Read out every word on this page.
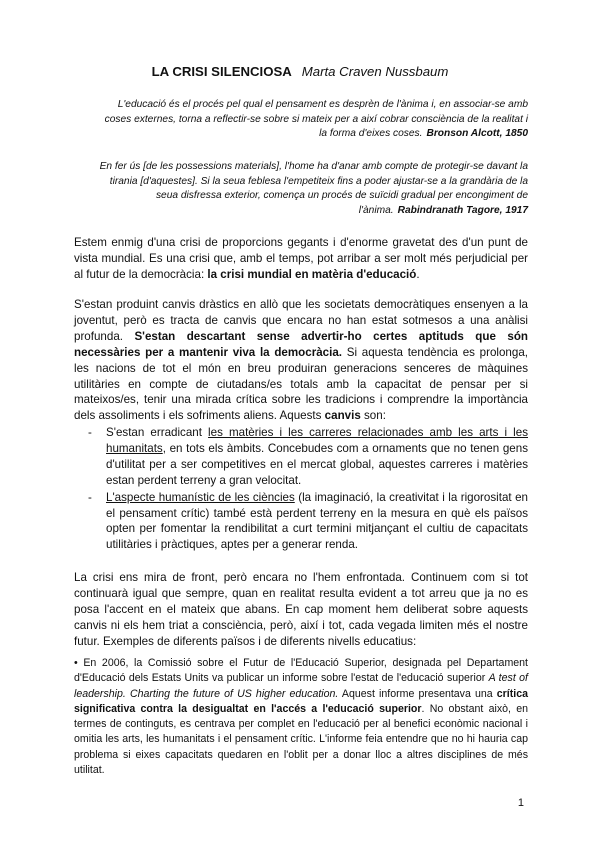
LA CRISI SILENCIOSA Marta Craven Nussbaum
L'educació és el procés pel qual el pensament es desprèn de l'ànima i, en associar-se amb coses externes, torna a reflectir-se sobre si mateix per a així cobrar consciència de la realitat i la forma d'eixes coses. Bronson Alcott, 1850
En fer ús [de les possessions materials], l'home ha d'anar amb compte de protegir-se davant la tirania [d'aquestes]. Si la seua feblesa l'empetiteix fins a poder ajustar-se a la grandària de la seua disfressa exterior, comença un procés de suïcidi gradual per encongiment de l'ànima. Rabindranath Tagore, 1917

Estem enmig d'una crisi de proporcions gegants i d'enorme gravetat des d'un punt de vista mundial. Es una crisi que, amb el temps, pot arribar a ser molt més perjudicial per al futur de la democràcia: la crisi mundial en matèria d'educació.

S'estan produint canvis dràstics en allò que les societats democràtiques ensenyen a la joventut, però es tracta de canvis que encara no han estat sotmesos a una anàlisi profunda. S'estan descartant sense advertir-ho certes aptituds que són necessàries per a mantenir viva la democràcia. Si aquesta tendència es prolonga, les nacions de tot el món en breu produiran generacions senceres de màquines utilitàries en compte de ciutadans/es totals amb la capacitat de pensar per si mateixos/es, tenir una mirada crítica sobre les tradicions i comprendre la importància dels assoliments i els sofriments aliens. Aquests canvis son:

- S'estan erradicant les matèries i les carreres relacionades amb les arts i les humanitats, en tots els àmbits. Concebudes com a ornaments que no tenen gens d'utilitat per a ser competitives en el mercat global, aquestes carreres i matèries estan perdent terreny a gran velocitat.
- L'aspecte humanístic de les ciències (la imaginació, la creativitat i la rigorositat en el pensament crític) també està perdent terreny en la mesura en què els països opten per fomentar la rendibilitat a curt termini mitjançant el cultiu de capacitats utilitàries i pràctiques, aptes per a generar renda.

La crisi ens mira de front, però encara no l'hem enfrontada. Continuem com si tot continuarà igual que sempre, quan en realitat resulta evident a tot arreu que ja no es posa l'accent en el mateix que abans. En cap moment hem deliberat sobre aquests canvis ni els hem triat a consciència, però, així i tot, cada vegada limiten més el nostre futur. Exemples de diferents països i de diferents nivells educatius:

• En 2006, la Comissió sobre el Futur de l'Educació Superior, designada pel Departament d'Educació dels Estats Units va publicar un informe sobre l'estat de l'educació superior A test of leadership. Charting the future of US higher education. Aquest informe presentava una crítica significativa contra la desigualtat en l'accés a l'educació superior. No obstant això, en termes de continguts, es centrava per complet en l'educació per al benefici econòmic nacional i omitia les arts, les humanitats i el pensament crític. L'informe feia entendre que no hi hauria cap problema si eixes capacitats quedaren en l'oblit per a donar lloc a altres disciplines de més utilitat.

1
